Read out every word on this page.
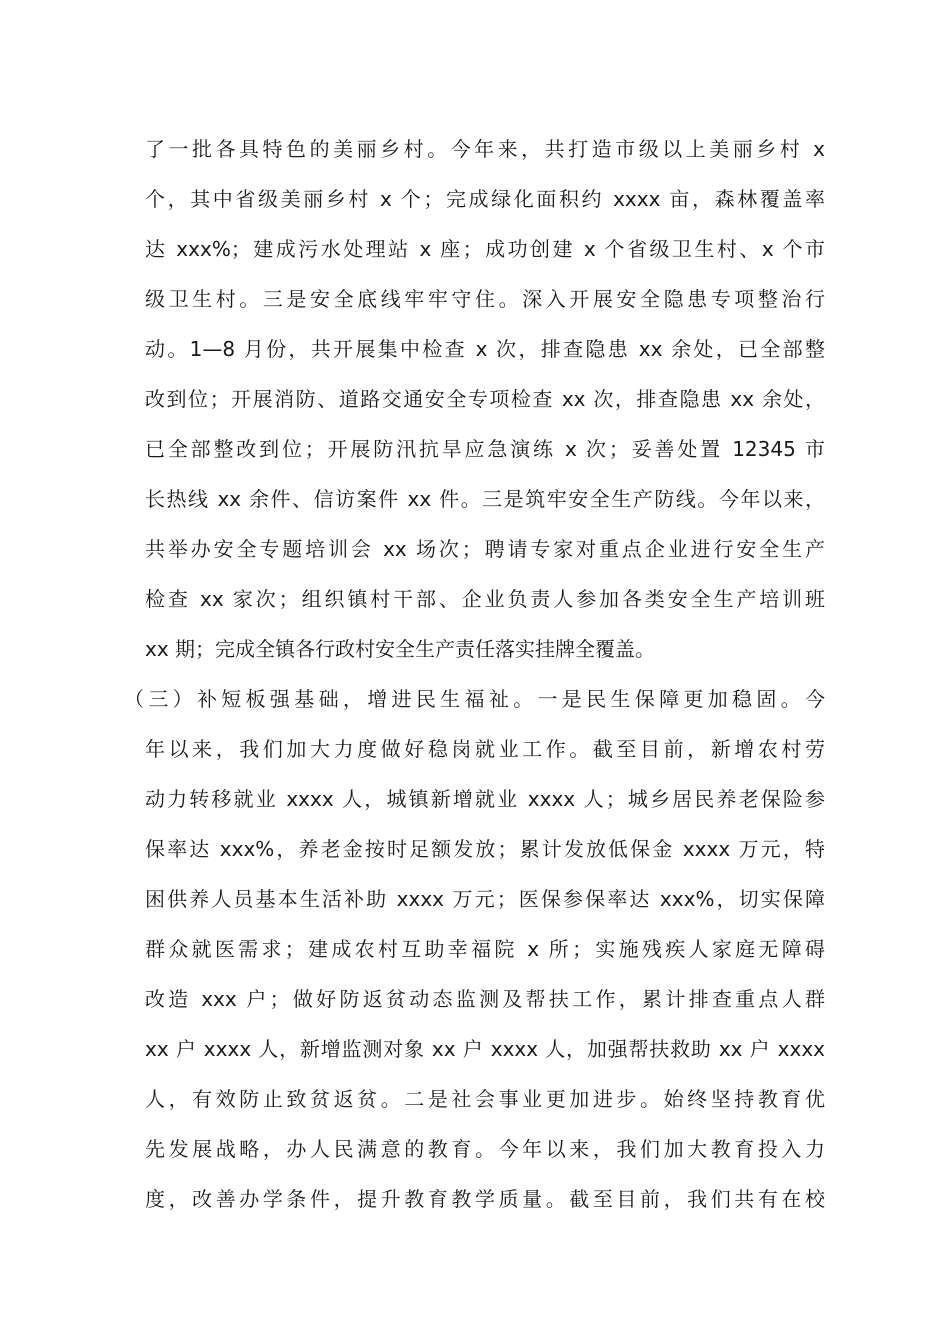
了一批各具特色的美丽乡村。今年来，共打造市级以上美丽乡村 x
个，其中省级美丽乡村 x 个；完成绿化面积约 xxxx 亩，森林覆盖率
达 xxx%；建成污水处理站 x 座；成功创建 x 个省级卫生村、x 个市
级卫生村。三是安全底线牢牢守住。深入开展安全隐患专项整治行
动。1—8 月份，共开展集中检查 x 次，排查隐患 xx 余处，已全部整
改到位；开展消防、道路交通安全专项检查 xx 次，排查隐患 xx 余处，
已全部整改到位；开展防汛抗旱应急演练 x 次；妥善处置 12345 市
长热线 xx 余件、信访案件 xx 件。三是筑牢安全生产防线。今年以来，
共举办安全专题培训会 xx 场次；聘请专家对重点企业进行安全生产
检查 xx 家次；组织镇村干部、企业负责人参加各类安全生产培训班
xx 期；完成全镇各行政村安全生产责任落实挂牌全覆盖。
（三）补短板强基础，增进民生福祉。一是民生保障更加稳固。今
年以来，我们加大力度做好稳岗就业工作。截至目前，新增农村劳
动力转移就业 xxxx 人，城镇新增就业 xxxx 人；城乡居民养老保险参
保率达 xxx%，养老金按时足额发放；累计发放低保金 xxxx 万元，特
困供养人员基本生活补助 xxxx 万元；医保参保率达 xxx%，切实保障
群众就医需求；建成农村互助幸福院 x 所；实施残疾人家庭无障碍
改造 xxx 户；做好防返贫动态监测及帮扶工作，累计排查重点人群
xx 户 xxxx 人，新增监测对象 xx 户 xxxx 人，加强帮扶救助 xx 户 xxxx
人，有效防止致贫返贫。二是社会事业更加进步。始终坚持教育优
先发展战略，办人民满意的教育。今年以来，我们加大教育投入力
度，改善办学条件，提升教育教学质量。截至目前，我们共有在校
